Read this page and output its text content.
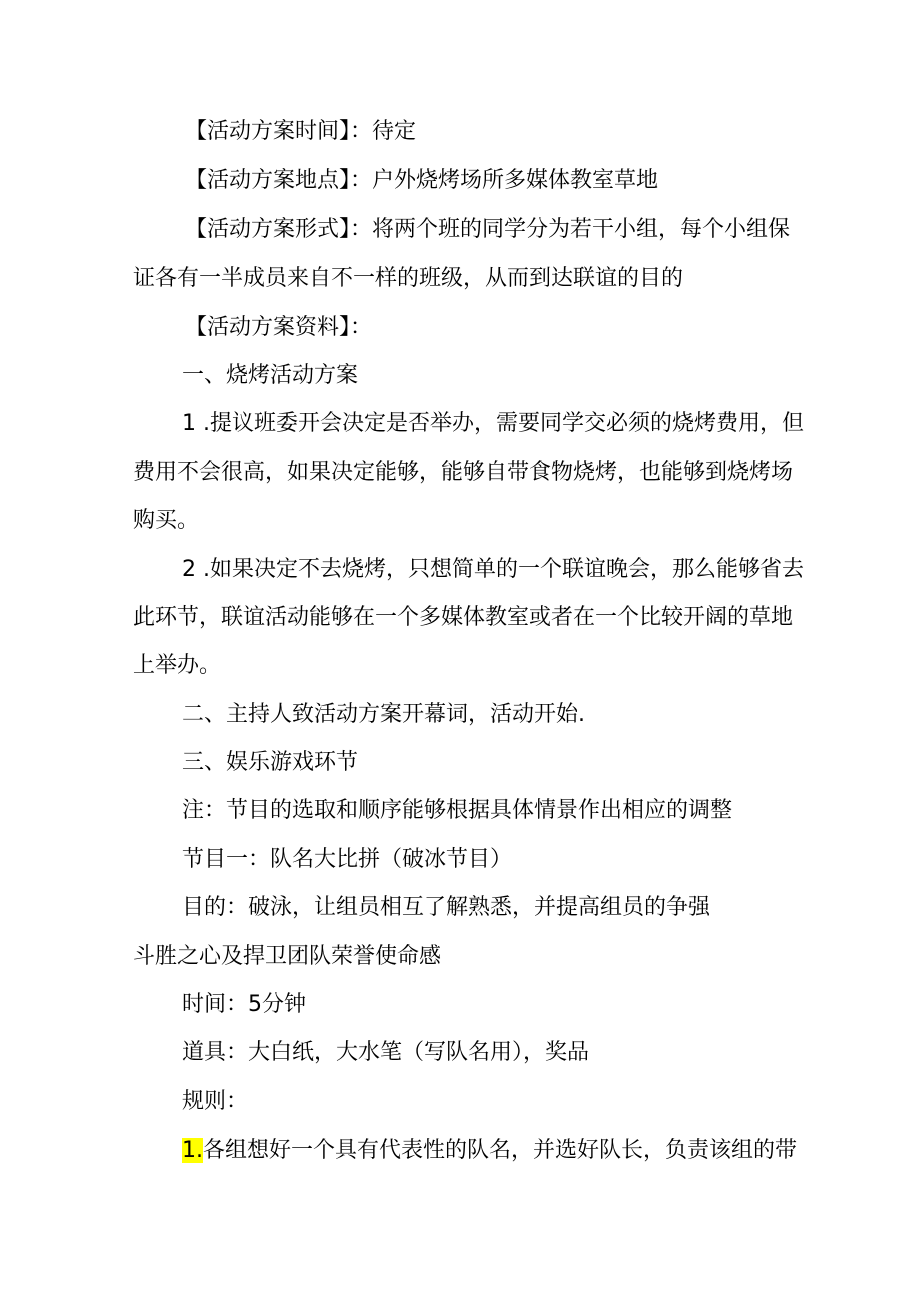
【活动方案时间】：待定
【活动方案地点】：户外烧烤场所多媒体教室草地
【活动方案形式】：将两个班的同学分为若干小组，每个小组保
证各有一半成员来自不一样的班级，从而到达联谊的目的
【活动方案资料】：
一、烧烤活动方案
1 .提议班委开会决定是否举办，需要同学交必须的烧烤费用，但
费用不会很高，如果决定能够，能够自带食物烧烤，也能够到烧烤场
购买。
2 .如果决定不去烧烤，只想简单的一个联谊晚会，那么能够省去
此环节，联谊活动能够在一个多媒体教室或者在一个比较开阔的草地
上举办。
二、主持人致活动方案开幕词，活动开始.
三、娱乐游戏环节
注：节目的选取和顺序能够根据具体情景作出相应的调整
节目一：队名大比拼（破冰节目）
目的：破泳，让组员相互了解熟悉，并提高组员的争强
斗胜之心及捍卫团队荣誉使命感
时间：5分钟
道具：大白纸，大水笔（写队名用），奖品
规则：
1.各组想好一个具有代表性的队名，并选好队长，负责该组的带
